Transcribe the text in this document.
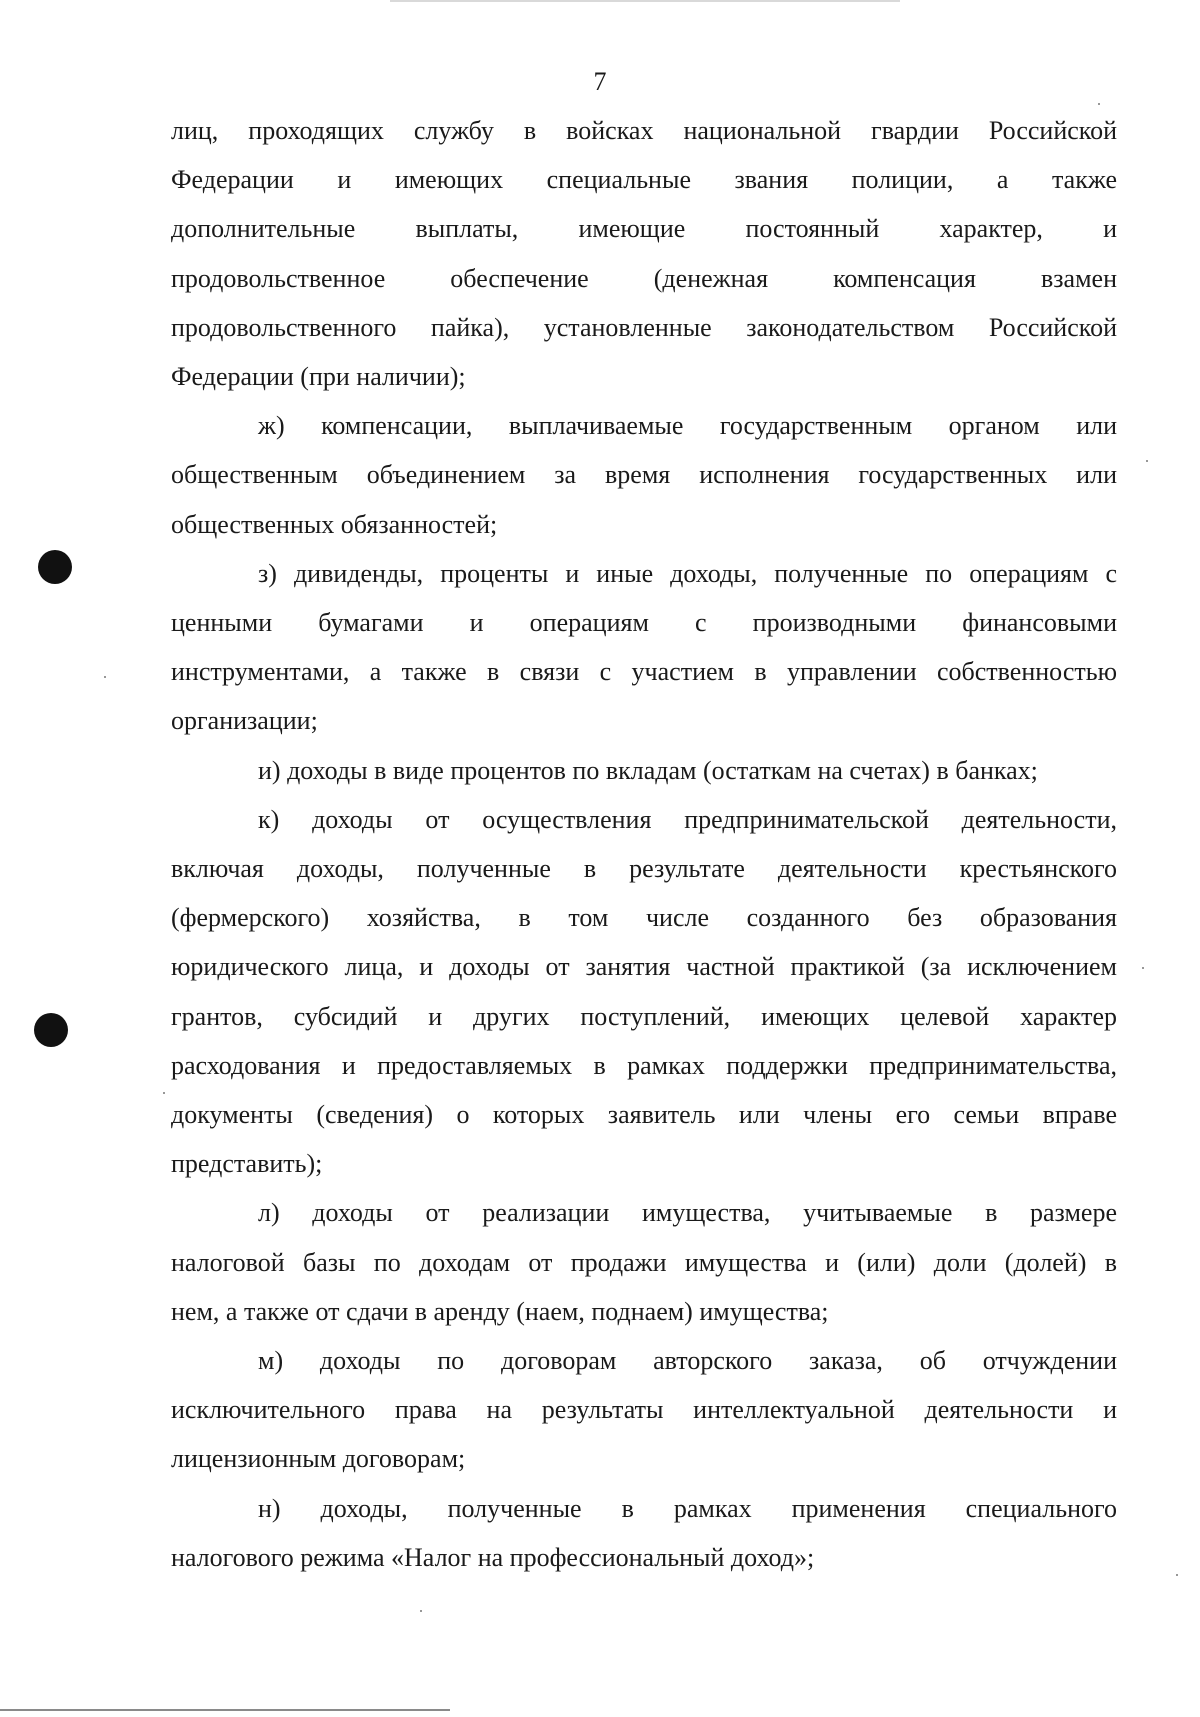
7

лиц, проходящих службу в войсках национальной гвардии Российской
Федерации и имеющих специальные звания полиции, а также
дополнительные выплаты, имеющие постоянный характер, и
продовольственное обеспечение (денежная компенсация взамен
продовольственного пайка), установленные законодательством Российской
Федерации (при наличии);

ж) компенсации, выплачиваемые государственным органом или
общественным объединением за время исполнения государственных или
общественных обязанностей;

з) дивиденды, проценты и иные доходы, полученные по операциям с
ценными бумагами и операциям с производными финансовыми
инструментами, а также в связи с участием в управлении собственностью
организации;

и) доходы в виде процентов по вкладам (остаткам на счетах) в банках;

к) доходы от осуществления предпринимательской деятельности,
включая доходы, полученные в результате деятельности крестьянского
(фермерского) хозяйства, в том числе созданного без образования
юридического лица, и доходы от занятия частной практикой (за исключением
грантов, субсидий и других поступлений, имеющих целевой характер
расходования и предоставляемых в рамках поддержки предпринимательства,
документы (сведения) о которых заявитель или члены его семьи вправе
представить);

л) доходы от реализации имущества, учитываемые в размере
налоговой базы по доходам от продажи имущества и (или) доли (долей) в
нем, а также от сдачи в аренду (наем, поднаем) имущества;

м) доходы по договорам авторского заказа, об отчуждении
исключительного права на результаты интеллектуальной деятельности и
лицензионным договорам;

н) доходы, полученные в рамках применения специального
налогового режима «Налог на профессиональный доход»;
